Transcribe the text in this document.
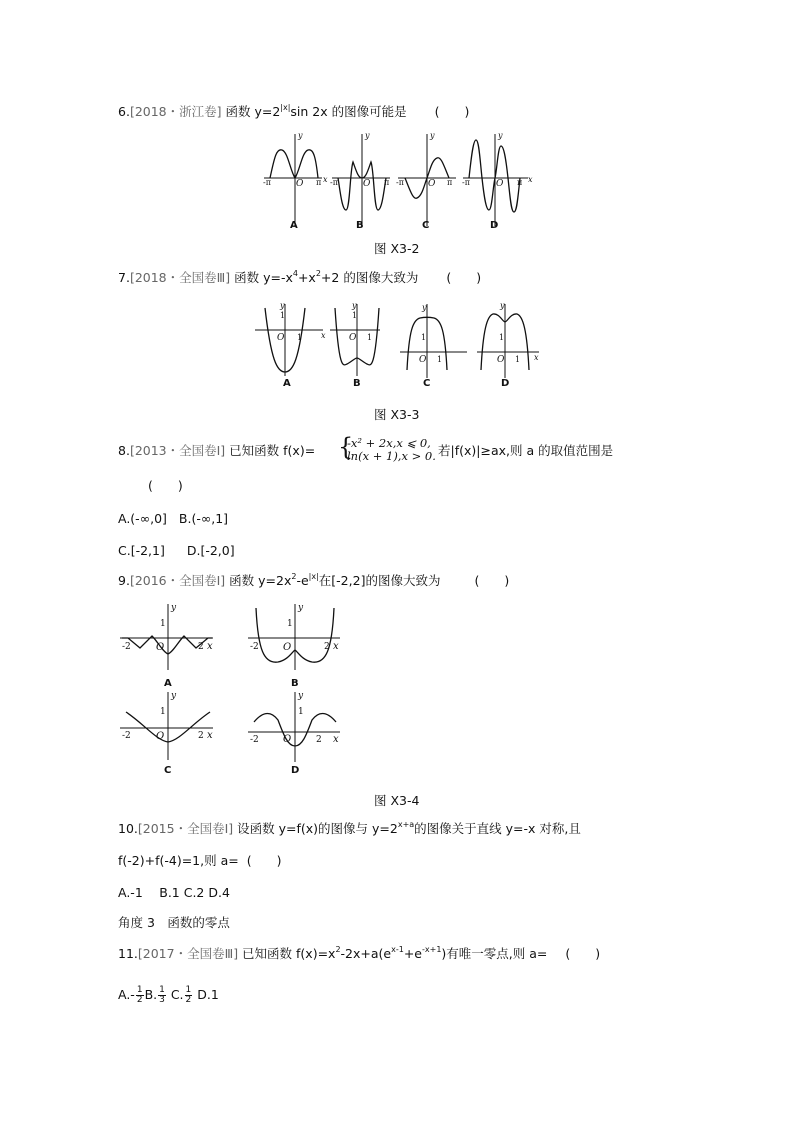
6.[2018・浙江卷] 函数 $y=2^{|x|}\sin$ 2x 的图像可能是 (　　)
y
O
-π	π x
A
y
O
-π	π
B
y
O
-π	π
C
y
O
-π	π x
D
图 X3-2
7.[2018・全国卷Ⅲ] 函数 $y=-x^4+x^2+2$ 的图像大致为 (　　)
y
1
O 1 x
A
y
1
O 1
B
y
1
O 1
C
y
1
O 1 x
D
图 X3-3
8.[2013・全国卷Ⅰ] 已知函数 f(x)= {
-x² + 2x,x ⩽ 0,
ln(x + 1),x > 0. 若|f(x)|≥ax,则 a 的取值范围是
(　　)
A.(-∞,0] B.(-∞,1]
C.[-2,1] D.[-2,0]
9.[2016・全国卷Ⅰ] 函数 $y=2x^2-e^{|x|}$在[-2,2]的图像大致为	(　　)
y
1
-2	O	2 x
A
y
1
-2 O	2 x
B
y
1
-2	O	2 x
C
y
1
-2 O	2 x
D
图 X3-4
10.[2015・全国卷Ⅰ] 设函数 y=f(x)的图像与 $y=2^{x+a}$的图像关于直线 y=-x 对称,且
f(-2)+f(-4)=1,则 a= (　　)
A.-1　 B.1 C.2 D.4
角度 3　函数的零点
11.[2017・全国卷Ⅲ] 已知函数 $f(x)=x^2-2x+a(e^{x-1}+e^{-x+1})$有唯一零点,则 a= (　　)
$A.- \frac{1}{2} B$. $\frac{1}{3} C$. $\frac{1}{2} D.1$
